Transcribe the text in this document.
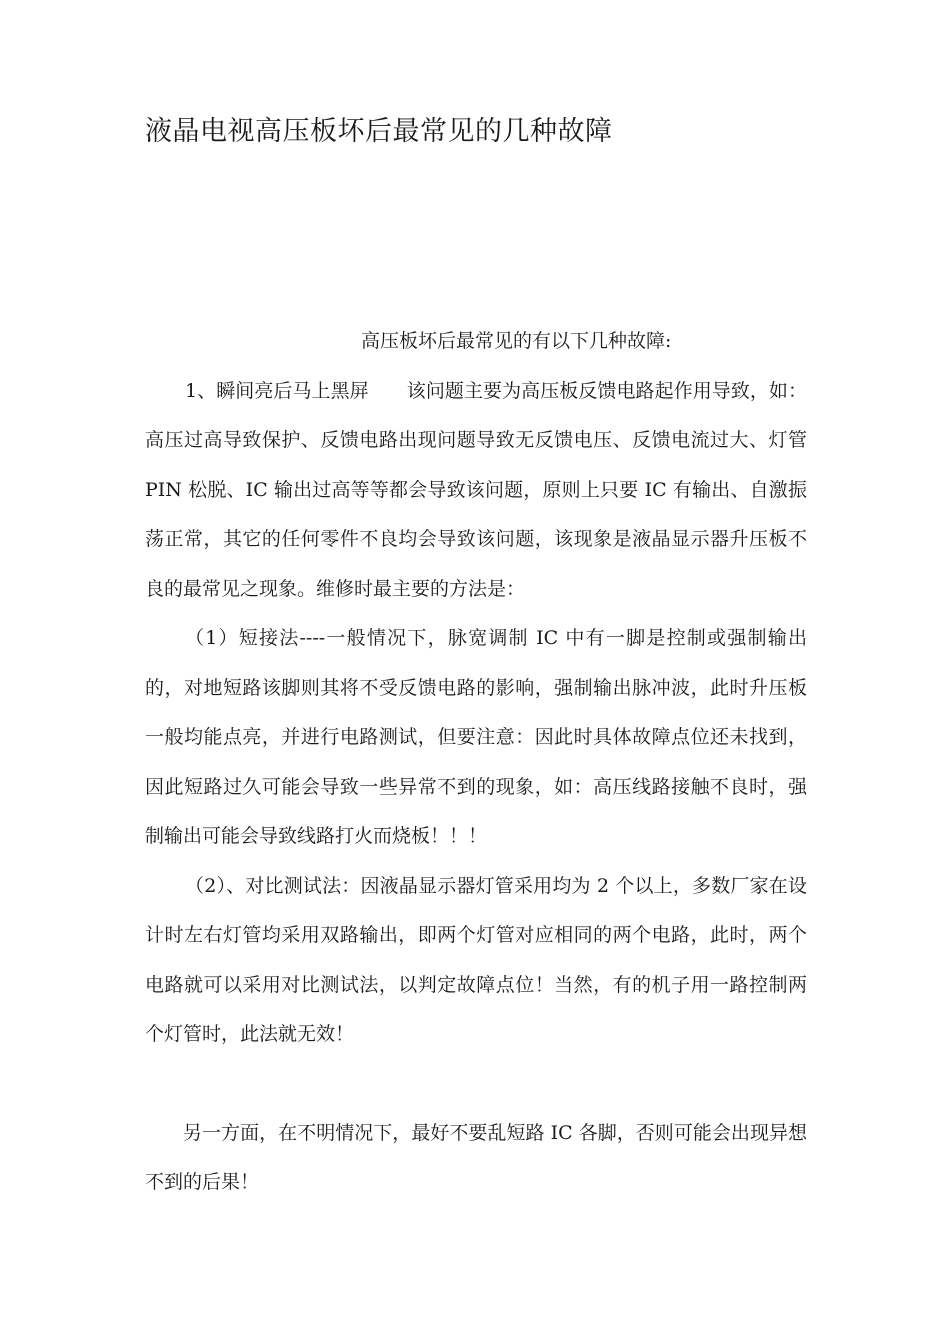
液晶电视高压板坏后最常见的几种故障

高压板坏后最常见的有以下几种故障:

1、瞬间亮后马上黑屏　　该问题主要为高压板反馈电路起作用导致，如：高压过高导致保护、反馈电路出现问题导致无反馈电压、反馈电流过大、灯管 PIN 松脱、IC 输出过高等等都会导致该问题，原则上只要 IC 有输出、自激振荡正常，其它的任何零件不良均会导致该问题，该现象是液晶显示器升压板不良的最常见之现象。维修时最主要的方法是：

（1）短接法----一般情况下，脉宽调制 IC 中有一脚是控制或强制输出的，对地短路该脚则其将不受反馈电路的影响，强制输出脉冲波，此时升压板一般均能点亮，并进行电路测试，但要注意：因此时具体故障点位还未找到，因此短路过久可能会导致一些异常不到的现象，如：高压线路接触不良时，强制输出可能会导致线路打火而烧板！！！

（2）、对比测试法：因液晶显示器灯管采用均为 2 个以上，多数厂家在设计时左右灯管均采用双路输出，即两个灯管对应相同的两个电路，此时，两个电路就可以采用对比测试法，以判定故障点位！当然，有的机子用一路控制两个灯管时，此法就无效！

另一方面，在不明情况下，最好不要乱短路 IC 各脚，否则可能会出现异想不到的后果！
